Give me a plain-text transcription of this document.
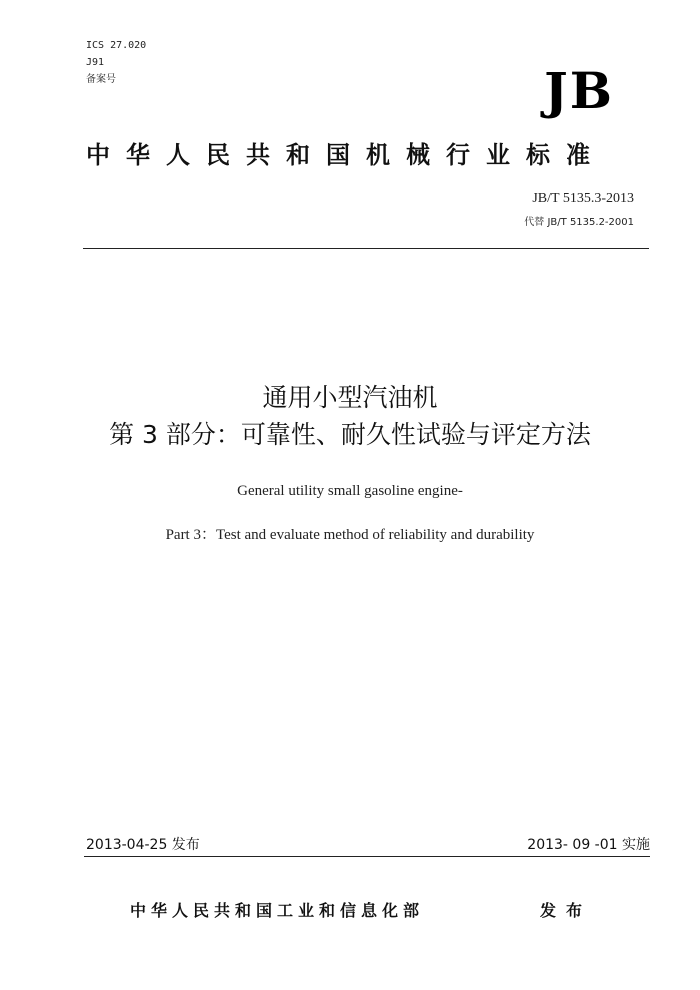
ICS 27.020
J91
备案号	JB
中华人民共和国机械行业标准
JB/T 5135.3-2013
代替 JB/T 5135.2-2001
通用小型汽油机
第 3 部分：可靠性、耐久性试验与评定方法
General utility small gasoline engine-
Part 3：Test and evaluate method of reliability and durability
2013-04-25 发布	2013- 09 -01 实施
中华人民共和国工业和信息化部	发布
